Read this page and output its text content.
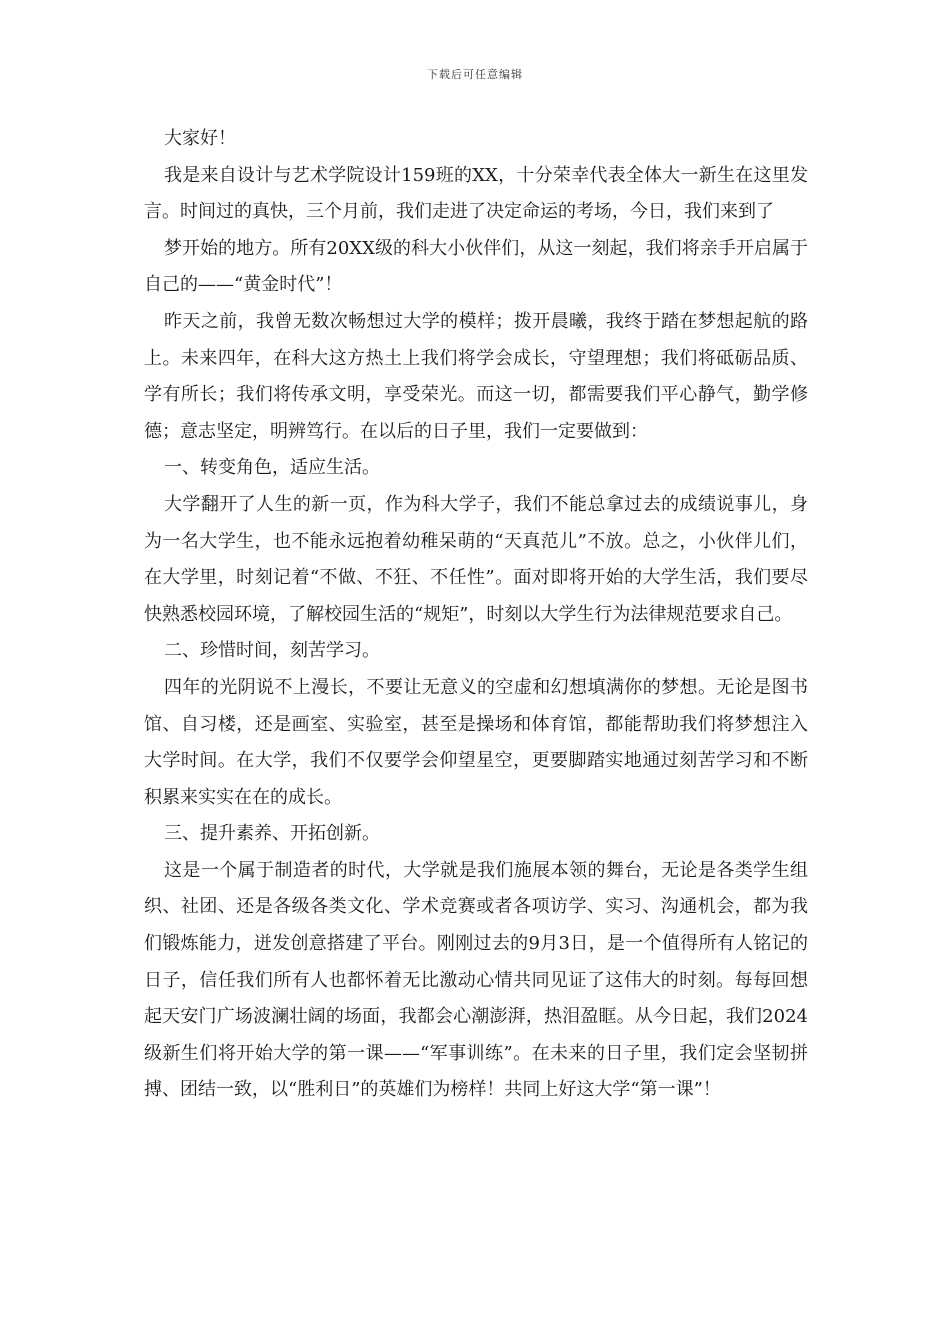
下载后可任意编辑

大家好！

我是来自设计与艺术学院设计159班的XX，十分荣幸代表全体大一新生在这里发言。时间过的真快，三个月前，我们走进了决定命运的考场，今日，我们来到了

梦开始的地方。所有20XX级的科大小伙伴们，从这一刻起，我们将亲手开启属于自己的——“黄金时代”！

昨天之前，我曾无数次畅想过大学的模样；拨开晨曦，我终于踏在梦想起航的路上。未来四年，在科大这方热土上我们将学会成长，守望理想；我们将砥砺品质、学有所长；我们将传承文明，享受荣光。而这一切，都需要我们平心静气，勤学修德；意志坚定，明辨笃行。在以后的日子里，我们一定要做到：

一、转变角色，适应生活。

大学翻开了人生的新一页，作为科大学子，我们不能总拿过去的成绩说事儿，身为一名大学生，也不能永远抱着幼稚呆萌的“天真范儿”不放。总之，小伙伴儿们，在大学里，时刻记着“不做、不狂、不任性”。面对即将开始的大学生活，我们要尽快熟悉校园环境，了解校园生活的“规矩”，时刻以大学生行为法律规范要求自己。

二、珍惜时间，刻苦学习。

四年的光阴说不上漫长，不要让无意义的空虚和幻想填满你的梦想。无论是图书馆、自习楼，还是画室、实验室，甚至是操场和体育馆，都能帮助我们将梦想注入大学时间。在大学，我们不仅要学会仰望星空，更要脚踏实地通过刻苦学习和不断积累来实实在在的成长。

三、提升素养、开拓创新。

这是一个属于制造者的时代，大学就是我们施展本领的舞台，无论是各类学生组织、社团、还是各级各类文化、学术竞赛或者各项访学、实习、沟通机会，都为我们锻炼能力，迸发创意搭建了平台。刚刚过去的9月3日，是一个值得所有人铭记的日子，信任我们所有人也都怀着无比激动心情共同见证了这伟大的时刻。每每回想起天安门广场波澜壮阔的场面，我都会心潮澎湃，热泪盈眶。从今日起，我们2024级新生们将开始大学的第一课——“军事训练”。在未来的日子里，我们定会坚韧拼搏、团结一致，以“胜利日”的英雄们为榜样！共同上好这大学“第一课”！
